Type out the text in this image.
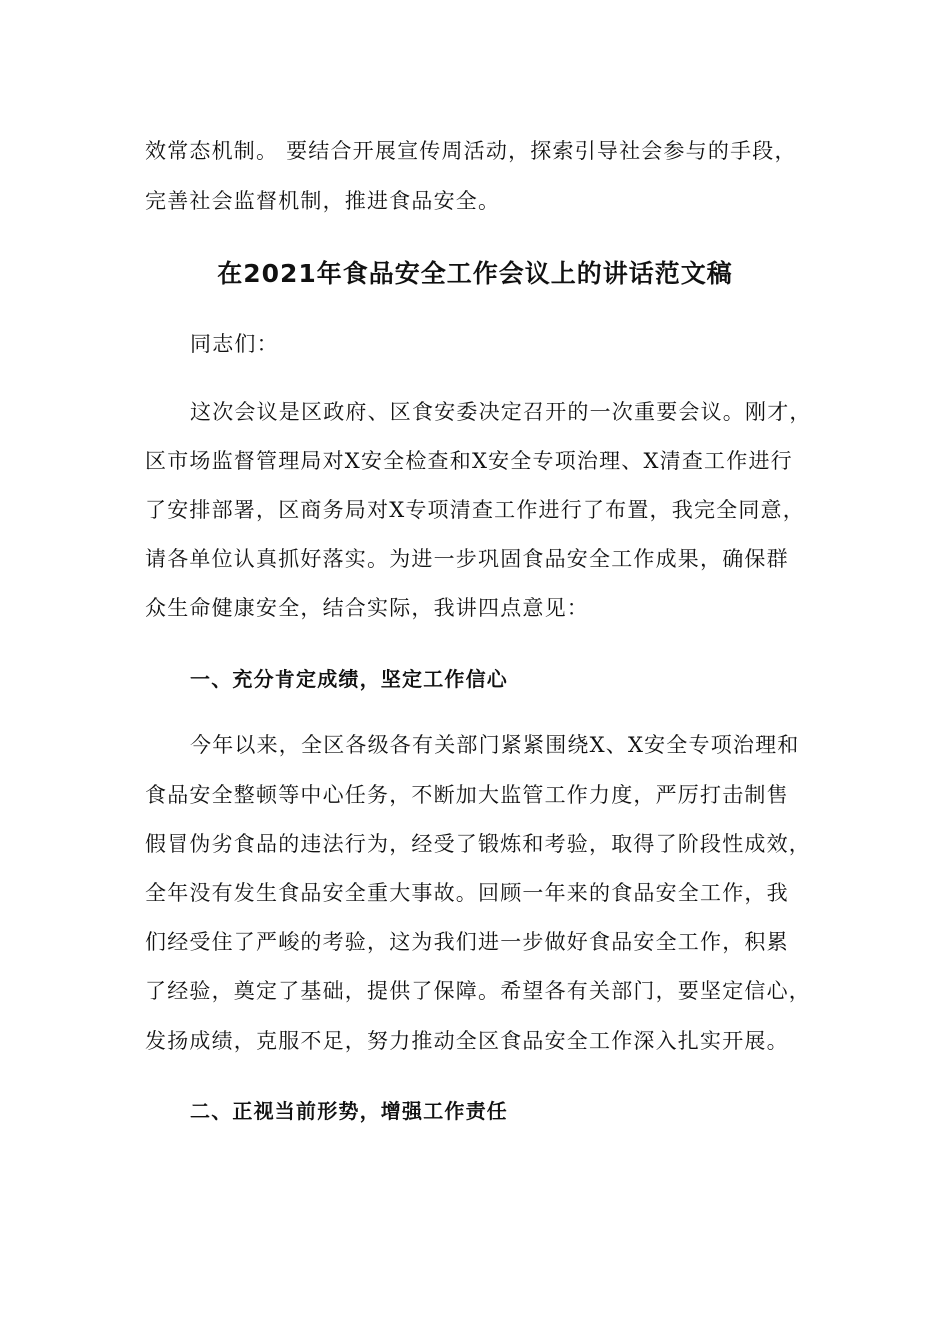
效常态机制。 要结合开展宣传周活动，探索引导社会参与的手段，
完善社会监督机制，推进食品安全。
在2021年食品安全工作会议上的讲话范文稿
同志们：
这次会议是区政府、区食安委决定召开的一次重要会议。刚才，
区市场监督管理局对X安全检查和X安全专项治理、X清查工作进行
了安排部署，区商务局对X专项清查工作进行了布置，我完全同意，
请各单位认真抓好落实。为进一步巩固食品安全工作成果，确保群
众生命健康安全，结合实际，我讲四点意见：
一、充分肯定成绩，坚定工作信心
今年以来，全区各级各有关部门紧紧围绕X、X安全专项治理和
食品安全整顿等中心任务，不断加大监管工作力度，严厉打击制售
假冒伪劣食品的违法行为，经受了锻炼和考验，取得了阶段性成效，
全年没有发生食品安全重大事故。回顾一年来的食品安全工作，我
们经受住了严峻的考验，这为我们进一步做好食品安全工作，积累
了经验，奠定了基础，提供了保障。希望各有关部门，要坚定信心，
发扬成绩，克服不足，努力推动全区食品安全工作深入扎实开展。
二、正视当前形势，增强工作责任
